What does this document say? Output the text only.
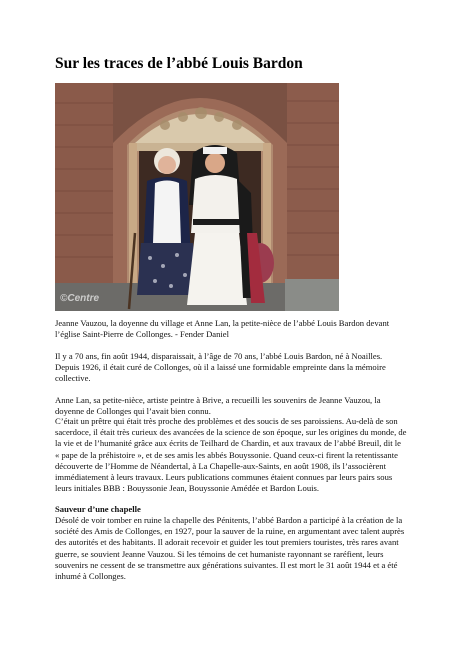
Sur les traces de l’abbé Louis Bardon
©Centre

Jeanne Vauzou, la doyenne du village et Anne Lan, la petite-nièce de l’abbé Louis Bardon devant l’église Saint-Pierre de Collonges. - Fender Daniel

Il y a 70 ans, fin août 1944, disparaissait, à l’âge de 70 ans, l’abbé Louis Bardon, né à Noailles. Depuis 1926, il était curé de Collonges, où il a laissé une formidable empreinte dans la mémoire collective.

Anne Lan, sa petite-nièce, artiste peintre à Brive, a recueilli les souvenirs de Jeanne Vauzou, la doyenne de Collonges qui l’avait bien connu.

C’était un prêtre qui était très proche des problèmes et des soucis de ses paroissiens. Au-delà de son sacerdoce, il était très curieux des avancées de la science de son époque, sur les origines du monde, de la vie et de l’humanité grâce aux écrits de Teilhard de Chardin, et aux travaux de l’abbé Breuil, dit le « pape de la préhistoire », et de ses amis les abbés Bouyssonie. Quand ceux-ci firent la retentissante découverte de l’Homme de Néandertal, à La Chapelle-aux-Saints, en août 1908, ils l’associèrent immédiatement à leurs travaux. Leurs publications communes étaient connues par leurs pairs sous leurs initiales BBB : Bouyssonie Jean, Bouyssonie Amédée et Bardon Louis.

Sauveur d’une chapelle

Désolé de voir tomber en ruine la chapelle des Pénitents, l’abbé Bardon a participé à la création de la société des Amis de Collonges, en 1927, pour la sauver de la ruine, en argumentant avec talent auprès des autorités et des habitants. Il adorait recevoir et guider les tout premiers touristes, très rares avant guerre, se souvient Jeanne Vauzou. Si les témoins de cet humaniste rayonnant se raréfient, leurs souvenirs ne cessent de se transmettre aux générations suivantes. Il est mort le 31 août 1944 et a été inhumé à Collonges.
